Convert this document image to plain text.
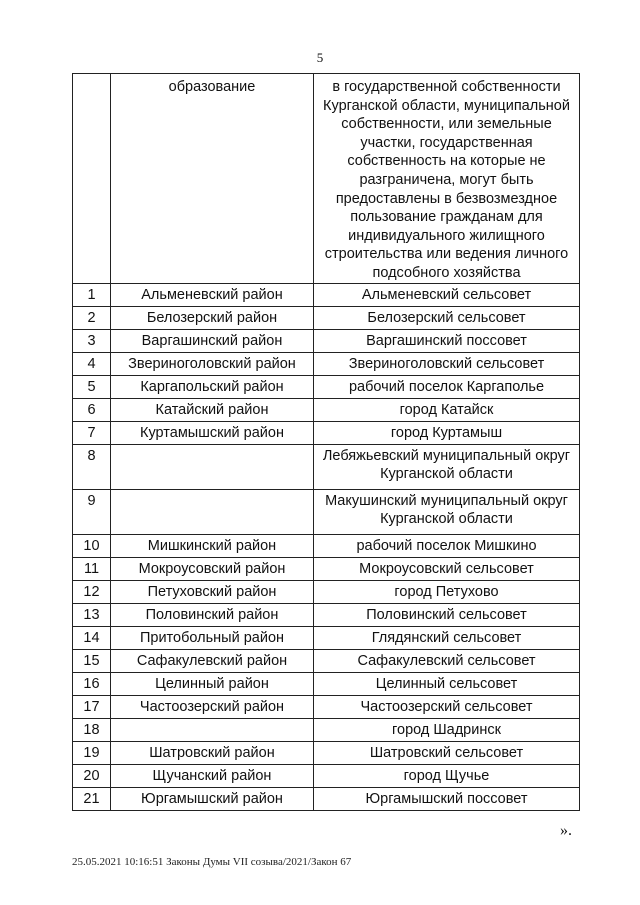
5
	образование	в государственной собственности Курганской области, муниципальной собственности, или земельные участки, государственная собственность на которые не разграничена, могут быть предоставлены в безвозмездное пользование гражданам для индивидуального жилищного строительства или ведения личного подсобного хозяйства
1	Альменевский район	Альменевский сельсовет
2	Белозерский район	Белозерский сельсовет
3	Варгашинский район	Варгашинский поссовет
4	Звериноголовский район	Звериноголовский сельсовет
5	Каргапольский район	рабочий поселок Каргаполье
6	Катайский район	город Катайск
7	Куртамышский район	город Куртамыш
8		Лебяжьевский муниципальный округ Курганской области
9		Макушинский муниципальный округ Курганской области
10	Мишкинский район	рабочий поселок Мишкино
11	Мокроусовский район	Мокроусовский сельсовет
12	Петуховский район	город Петухово
13	Половинский район	Половинский сельсовет
14	Притобольный район	Глядянский сельсовет
15	Сафакулевский район	Сафакулевский сельсовет
16	Целинный район	Целинный сельсовет
17	Частоозерский район	Частоозерский сельсовет
18		город Шадринск
19	Шатровский район	Шатровский сельсовет
20	Щучанский район	город Щучье
21	Юргамышский район	Юргамышский поссовет
».
25.05.2021 10:16:51 Законы Думы VII созыва/2021/Закон 67
